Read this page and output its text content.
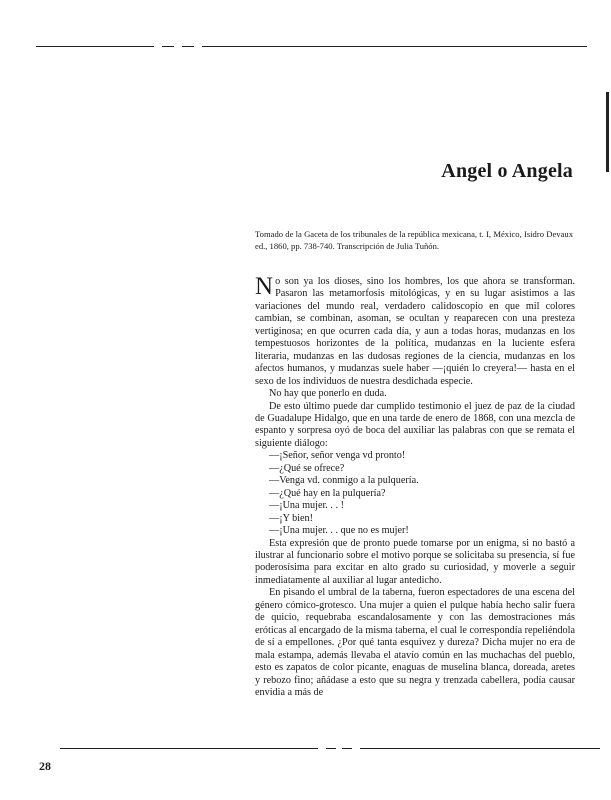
Angel o Angela
Tomado de la Gaceta de los tribunales de la república mexicana, t. I, México, Isidro Devaux ed., 1860, pp. 738-740. Transcripción de Julia Tuñón.

No son ya los dioses, sino los hombres, los que ahora se transforman. Pasaron las metamorfosis mitológicas, y en su lugar asistimos a las variaciones del mundo real, verdadero calidoscopio en que mil colores cambian, se combinan, asoman, se ocultan y reaparecen con una presteza vertiginosa; en que ocurren cada día, y aun a todas horas, mudanzas en los tempestuosos horizontes de la política, mudanzas en la luciente esfera literaria, mudanzas en las dudosas regiones de la ciencia, mudanzas en los afectos humanos, y mudanzas suele haber —¡quién lo creyera!— hasta en el sexo de los individuos de nuestra desdichada especie.

No hay que ponerlo en duda.

De esto último puede dar cumplido testimonio el juez de paz de la ciudad de Guadalupe Hidalgo, que en una tarde de enero de 1868, con una mezcla de espanto y sorpresa oyó de boca del auxiliar las palabras con que se remata el siguiente diálogo:

—¡Señor, señor venga vd pronto!

—¿Qué se ofrece?

—Venga vd. conmigo a la pulquería.

—¿Qué hay en la pulquería?

—¡Una mujer. . . !

—¡Y bien!

—¡Una mujer. . . que no es mujer!

Esta expresión que de pronto puede tomarse por un enigma, si no bastó a ilustrar al funcionario sobre el motivo porque se solicitaba su presencia, sí fue poderosísima para excitar en alto grado su curiosidad, y moverle a seguir inmediatamente al auxiliar al lugar antedicho.

En pisando el umbral de la taberna, fueron espectadores de una escena del género cómico-grotesco. Una mujer a quien el pulque había hecho salir fuera de quicio, requebraba escandalosamente y con las demostraciones más eróticas al encargado de la misma taberna, el cual le correspondía repeliéndola de sí a empellones. ¿Por qué tanta esquivez y dureza? Dicha mujer no era de mala estampa, además llevaba el atavío común en las muchachas del pueblo, esto es zapatos de color picante, enaguas de muselina blanca, doreada, aretes y rebozo fino; añádase a esto que su negra y trenzada cabellera, podía causar envidia a más de

28
